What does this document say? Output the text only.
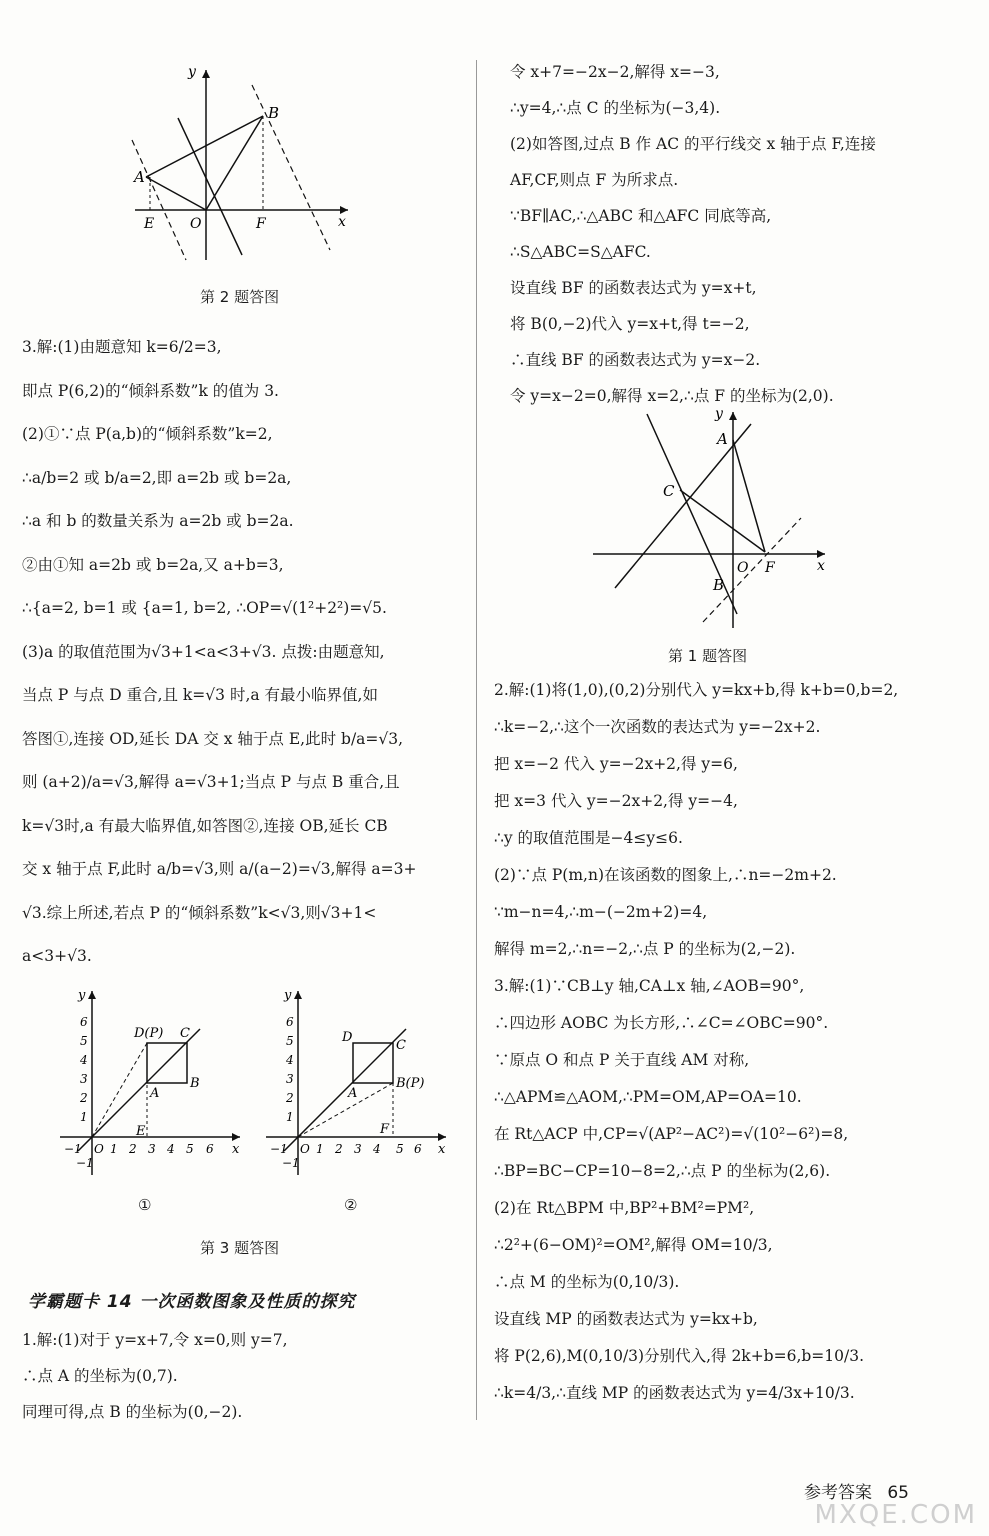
y
x
B
A
E	O	F
第 2 题答图
3.解:(1)由题意知 k=6/2=3,
即点 P(6,2)的“倾斜系数”k 的值为 3.
(2)①∵点 P(a,b)的“倾斜系数”k=2,
∴a/b=2 或 b/a=2,即 a=2b 或 b=2a,
∴a 和 b 的数量关系为 a=2b 或 b=2a.
②由①知 a=2b 或 b=2a,又 a+b=3,
∴{a=2, b=1 或 {a=1, b=2, ∴OP=√(1²+2²)=√5.
(3)a 的取值范围为√3+1<a<3+√3. 点拨:由题意知,
当点 P 与点 D 重合,且 k=√3 时,a 有最小临界值,如
答图①,连接 OD,延长 DA 交 x 轴于点 E,此时 b/a=√3,
则 (a+2)/a=√3,解得 a=√3+1;当点 P 与点 B 重合,且
k=√3时,a 有最大临界值,如答图②,连接 OB,延长 CB
交 x 轴于点 F,此时 a/b=√3,则 a/(a−2)=√3,解得 a=3+
√3.综上所述,若点 P 的“倾斜系数”k<√3,则√3+1<
a<3+√3.
y
x
D(P) C
B
A
E
−1 O 1 2 3 4 5 6
1
2
3
4
5
6
−1
①
y
x
D
C
B(P)
A
F
−1 O 1 2 3 4 5 6
1
2
3
4
5
6
−1
②
第 3 题答图
学霸题卡 14 一次函数图象及性质的探究
1.解:(1)对于 y=x+7,令 x=0,则 y=7,
∴点 A 的坐标为(0,7).
同理可得,点 B 的坐标为(0,−2).
令 x+7=−2x−2,解得 x=−3,
∴y=4,∴点 C 的坐标为(−3,4).
(2)如答图,过点 B 作 AC 的平行线交 x 轴于点 F,连接
AF,CF,则点 F 为所求点.
∵BF∥AC,∴△ABC 和△AFC 同底等高,
∴S△ABC=S△AFC.
设直线 BF 的函数表达式为 y=x+t,
将 B(0,−2)代入 y=x+t,得 t=−2,
∴直线 BF 的函数表达式为 y=x−2.
令 y=x−2=0,解得 x=2,∴点 F 的坐标为(2,0).
y
x
A
C
O F
B
第 1 题答图
2.解:(1)将(1,0),(0,2)分别代入 y=kx+b,得 k+b=0,b=2,
∴k=−2,∴这个一次函数的表达式为 y=−2x+2.
把 x=−2 代入 y=−2x+2,得 y=6,
把 x=3 代入 y=−2x+2,得 y=−4,
∴y 的取值范围是−4≤y≤6.
(2)∵点 P(m,n)在该函数的图象上,∴n=−2m+2.
∵m−n=4,∴m−(−2m+2)=4,
解得 m=2,∴n=−2,∴点 P 的坐标为(2,−2).
3.解:(1)∵CB⊥y 轴,CA⊥x 轴,∠AOB=90°,
∴四边形 AOBC 为长方形,∴∠C=∠OBC=90°.
∵原点 O 和点 P 关于直线 AM 对称,
∴△APM≌△AOM,∴PM=OM,AP=OA=10.
在 Rt△ACP 中,CP=√(AP²−AC²)=√(10²−6²)=8,
∴BP=BC−CP=10−8=2,∴点 P 的坐标为(2,6).
(2)在 Rt△BPM 中,BP²+BM²=PM²,
∴2²+(6−OM)²=OM²,解得 OM=10/3,
∴点 M 的坐标为(0,10/3).
设直线 MP 的函数表达式为 y=kx+b,
将 P(2,6),M(0,10/3)分别代入,得 2k+b=6,b=10/3.
∴k=4/3,∴直线 MP 的函数表达式为 y=4/3x+10/3.
参考答案 65
MXQE.COM
